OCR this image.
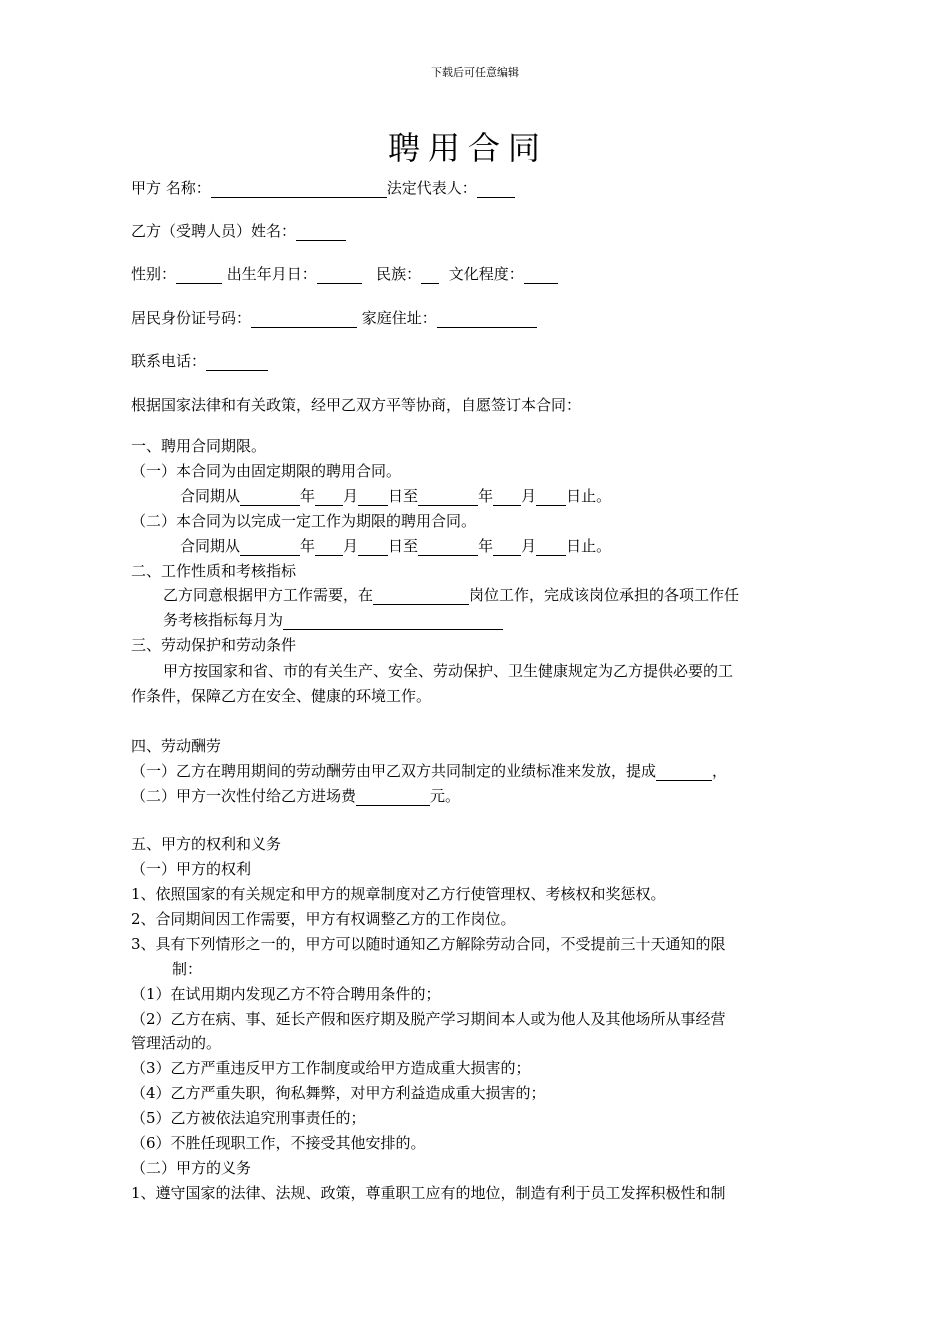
下载后可任意编辑
聘用合同
甲方 名称：	法定代表人：
乙方（受聘人员）姓名：
性别：	出生年月日：	民族： 文化程度：
居民身份证号码：	家庭住址：
联系电话：
根据国家法律和有关政策，经甲乙双方平等协商，自愿签订本合同：
一、聘用合同期限。
（一）本合同为由固定期限的聘用合同。
合同期从	年 月 日至	年 月 日止。
（二）本合同为以完成一定工作为期限的聘用合同。
合同期从	年 月 日至	年 月 日止。
二、工作性质和考核指标
乙方同意根据甲方工作需要，在	岗位工作，完成该岗位承担的各项工作任
务考核指标每月为
三、劳动保护和劳动条件
甲方按国家和省、市的有关生产、安全、劳动保护、卫生健康规定为乙方提供必要的工
作条件，保障乙方在安全、健康的环境工作。
四、劳动酬劳
（一）乙方在聘用期间的劳动酬劳由甲乙双方共同制定的业绩标准来发放，提成	，
（二）甲方一次性付给乙方进场费	元。
五、甲方的权利和义务
（一）甲方的权利
1、依照国家的有关规定和甲方的规章制度对乙方行使管理权、考核权和奖惩权。
2、合同期间因工作需要，甲方有权调整乙方的工作岗位。
3、具有下列情形之一的，甲方可以随时通知乙方解除劳动合同，不受提前三十天通知的限
制：
（1）在试用期内发现乙方不符合聘用条件的；
（2）乙方在病、事、延长产假和医疗期及脱产学习期间本人或为他人及其他场所从事经营
管理活动的。
（3）乙方严重违反甲方工作制度或给甲方造成重大损害的；
（4）乙方严重失职，徇私舞弊，对甲方利益造成重大损害的；
（5）乙方被依法追究刑事责任的；
（6）不胜任现职工作，不接受其他安排的。
（二）甲方的义务
1、遵守国家的法律、法规、政策，尊重职工应有的地位，制造有利于员工发挥积极性和制
